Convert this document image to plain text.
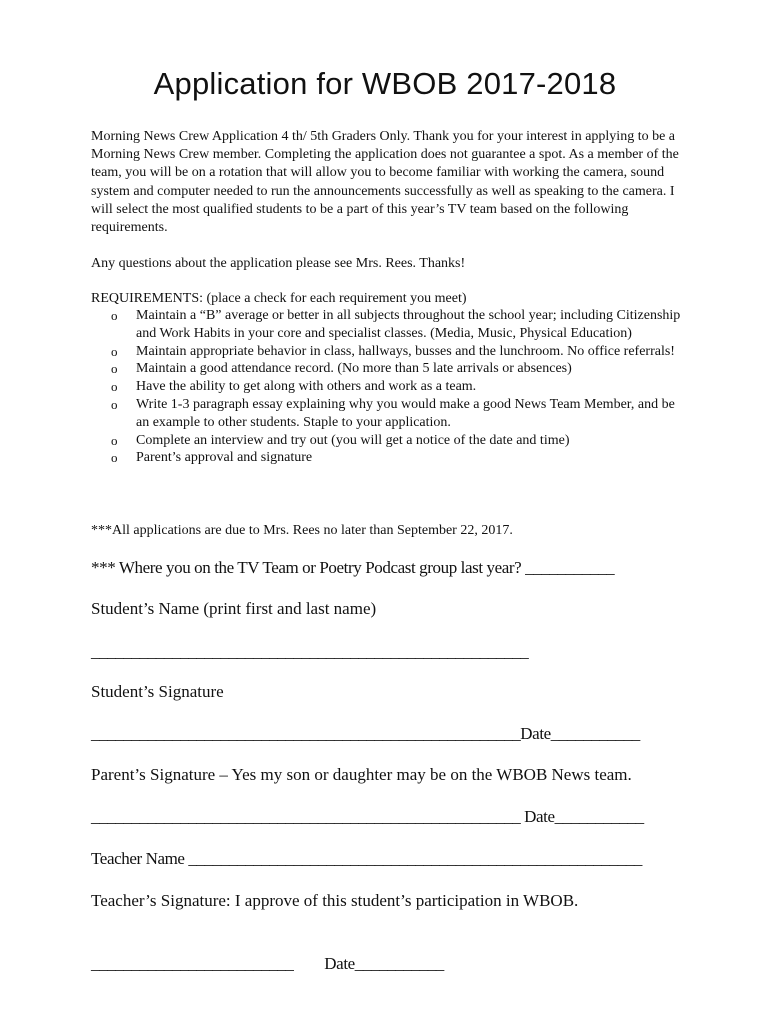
Application for WBOB 2017-2018

Morning News Crew Application 4 th/ 5th Graders Only. Thank you for your interest in applying to be a Morning News Crew member. Completing the application does not guarantee a spot. As a member of the team, you will be on a rotation that will allow you to become familiar with working the camera, sound system and computer needed to run the announcements successfully as well as speaking to the camera. I will select the most qualified students to be a part of this year’s TV team based on the following requirements.

Any questions about the application please see Mrs. Rees. Thanks!

REQUIREMENTS: (place a check for each requirement you meet)

o Maintain a “B” average or better in all subjects throughout the school year; including Citizenship and Work Habits in your core and specialist classes. (Media, Music, Physical Education)
o Maintain appropriate behavior in class, hallways, busses and the lunchroom. No office referrals!
o Maintain a good attendance record. (No more than 5 late arrivals or absences)
o Have the ability to get along with others and work as a team.
o Write 1-3 paragraph essay explaining why you would make a good News Team Member, and be an example to other students. Staple to your application.
o Complete an interview and try out (you will get a notice of the date and time)
o Parent’s approval and signature

***All applications are due to Mrs. Rees no later than September 22, 2017.

*** Where you on the TV Team or Poetry Podcast group last year? ___________

Student’s Name (print first and last name)

______________________________________________________

Student’s Signature

_____________________________________________________Date___________

Parent’s Signature – Yes my son or daughter may be on the WBOB News team.

_____________________________________________________ Date___________

Teacher Name ________________________________________________________

Teacher’s Signature: I approve of this student’s participation in WBOB.

_________________________        Date___________
